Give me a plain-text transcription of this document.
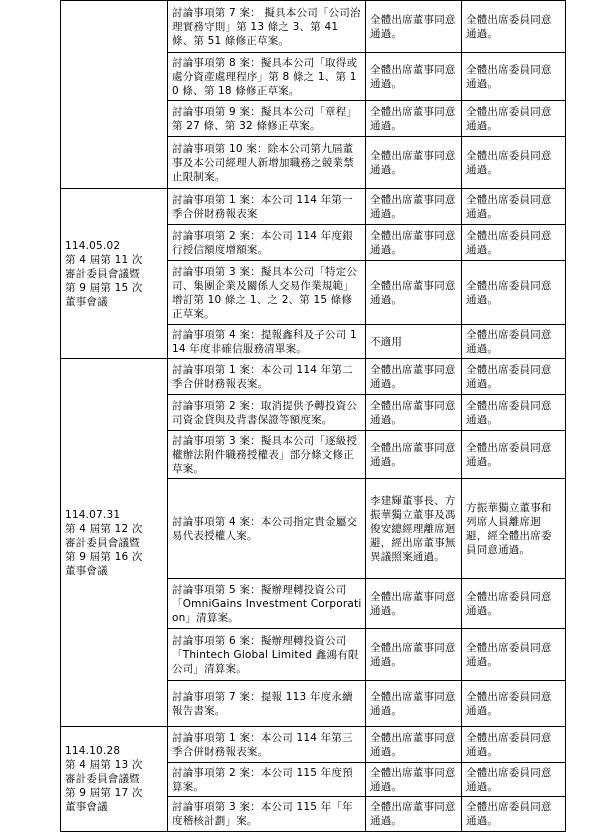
	討論事項第 7 案： 擬具本公司「公司治理實務守則」第 13 條之 3、第 41 條、第 51 條修正草案。	全體出席董事同意通過。	全體出席委員同意通過。
	討論事項第 8 案：擬具本公司「取得或處分資產處理程序」第 8 條之 1、第 10 條、第 18 條修正草案。	全體出席董事同意通過。	全體出席委員同意通過。
	討論事項第 9 案：擬具本公司「章程」第 27 條、第 32 條修正草案。	全體出席董事同意通過。	全體出席委員同意通過。
	討論事項第 10 案：除本公司第九屆董事及本公司經理人新增加職務之競業禁止限制案。	全體出席董事同意通過。	全體出席委員同意通過。

114.05.02
第 4 屆第 11 次
審計委員會議暨
第 9 屆第 15 次
董事會議	討論事項第 1 案：本公司 114 年第一季合併財務報表案	全體出席董事同意通過。	全體出席委員同意通過。
	討論事項第 2 案：本公司 114 年度銀行授信額度增額案。	全體出席董事同意通過。	全體出席委員同意通過。
	討論事項第 3 案：擬具本公司「特定公司、集團企業及關係人交易作業規範」增訂第 10 條之 1、之 2、第 15 條修正草案。	全體出席董事同意通過。	全體出席委員同意通過。
	討論事項第 4 案：提報鑫科及子公司 114 年度非確信服務清單案。	不適用	全體出席委員同意通過。

114.07.31
第 4 屆第 12 次
審計委員會議暨
第 9 屆第 16 次
董事會議	討論事項第 1 案：本公司 114 年第二季合併財務報表案。	全體出席董事同意通過。	全體出席委員同意通過。
	討論事項第 2 案：取消提供予轉投資公司資金貸與及背書保證等額度案。	全體出席董事同意通過。	全體出席委員同意通過。
	討論事項第 3 案：擬具本公司「逐級授權辦法附件職務授權表」部分條文修正草案。	全體出席董事同意通過。	全體出席委員同意通過。
	討論事項第 4 案：本公司指定貴金屬交易代表授權人案。	李建輝董事長、方振華獨立董事及馮俊安總經理離席迴避，經出席董事無異議照案通過。	方振華獨立董事和列席人員離席迴避，經全體出席委員同意通過。
	討論事項第 5 案：擬辦理轉投資公司「OmniGains Investment Corporation」清算案。	全體出席董事同意通過。	全體出席委員同意通過。
	討論事項第 6 案：擬辦理轉投資公司「Thintech Global Limited 鑫鴻有限公司」清算案。	全體出席董事同意通過。	全體出席委員同意通過。
	討論事項第 7 案：提報 113 年度永續報告書案。	全體出席董事同意通過。	全體出席委員同意通過。

114.10.28
第 4 屆第 13 次
審計委員會議暨
第 9 屆第 17 次
董事會議	討論事項第 1 案：本公司 114 年第三季合併財務報表案。	全體出席董事同意通過。	全體出席委員同意通過。
	討論事項第 2 案：本公司 115 年度預算案。	全體出席董事同意通過。	全體出席委員同意通過。
	討論事項第 3 案：本公司 115 年「年度稽核計劃」案。	全體出席董事同意通過。	全體出席委員同意通過。
